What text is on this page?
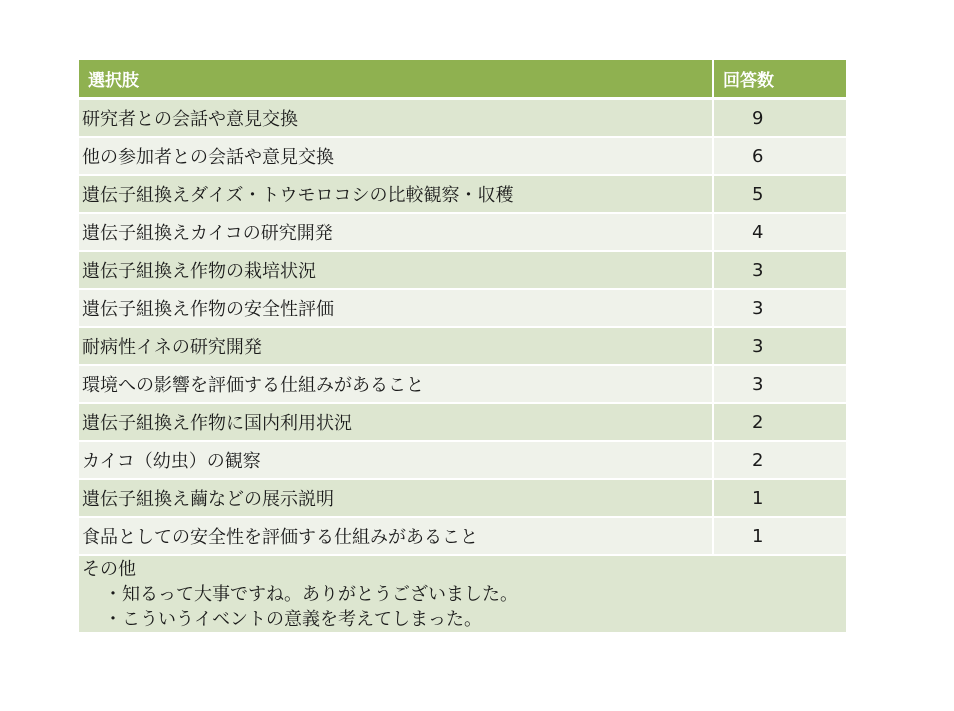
選択肢	回答数
研究者との会話や意見交換	9
他の参加者との会話や意見交換	6
遺伝子組換えダイズ・トウモロコシの比較観察・収穫	5
遺伝子組換えカイコの研究開発	4
遺伝子組換え作物の栽培状況	3
遺伝子組換え作物の安全性評価	3
耐病性イネの研究開発	3
環境への影響を評価する仕組みがあること	3
遺伝子組換え作物に国内利用状況	2
カイコ（幼虫）の観察	2
遺伝子組換え繭などの展示説明	1
食品としての安全性を評価する仕組みがあること	1
その他
・知るって大事ですね。ありがとうございました。
・こういうイベントの意義を考えてしまった。
